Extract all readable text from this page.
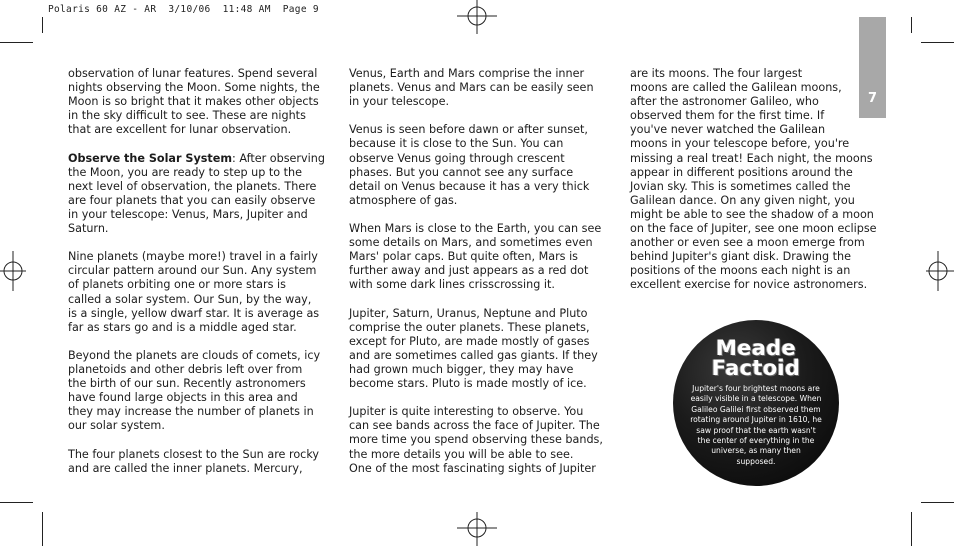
Polaris 60 AZ - AR  3/10/06  11:48 AM  Page 9
7

observation of lunar features. Spend several
nights observing the Moon. Some nights, the
Moon is so bright that it makes other objects
in the sky difficult to see. These are nights
that are excellent for lunar observation.

Observe the Solar System: After observing
the Moon, you are ready to step up to the
next level of observation, the planets. There
are four planets that you can easily observe
in your telescope: Venus, Mars, Jupiter and
Saturn.

Nine planets (maybe more!) travel in a fairly
circular pattern around our Sun. Any system
of planets orbiting one or more stars is
called a solar system. Our Sun, by the way,
is a single, yellow dwarf star. It is average as
far as stars go and is a middle aged star.

Beyond the planets are clouds of comets, icy
planetoids and other debris left over from
the birth of our sun. Recently astronomers
have found large objects in this area and
they may increase the number of planets in
our solar system.

The four planets closest to the Sun are rocky
and are called the inner planets. Mercury,

Venus, Earth and Mars comprise the inner
planets. Venus and Mars can be easily seen
in your telescope.

Venus is seen before dawn or after sunset,
because it is close to the Sun. You can
observe Venus going through crescent
phases. But you cannot see any surface
detail on Venus because it has a very thick
atmosphere of gas.

When Mars is close to the Earth, you can see
some details on Mars, and sometimes even
Mars' polar caps. But quite often, Mars is
further away and just appears as a red dot
with some dark lines crisscrossing it.

Jupiter, Saturn, Uranus, Neptune and Pluto
comprise the outer planets. These planets,
except for Pluto, are made mostly of gases
and are sometimes called gas giants. If they
had grown much bigger, they may have
become stars. Pluto is made mostly of ice.

Jupiter is quite interesting to observe. You
can see bands across the face of Jupiter. The
more time you spend observing these bands,
the more details you will be able to see.
One of the most fascinating sights of Jupiter

are its moons. The four largest
moons are called the Galilean moons,
after the astronomer Galileo, who
observed them for the first time. If
you've never watched the Galilean
moons in your telescope before, you're
missing a real treat! Each night, the moons
appear in different positions around the
Jovian sky. This is sometimes called the
Galilean dance. On any given night, you
might be able to see the shadow of a moon
on the face of Jupiter, see one moon eclipse
another or even see a moon emerge from
behind Jupiter's giant disk. Drawing the
positions of the moons each night is an
excellent exercise for novice astronomers.

Meade
Factoid
Jupiter's four brightest moons are
easily visible in a telescope. When
Galileo Galilei first observed them
rotating around Jupiter in 1610, he
saw proof that the earth wasn't
the center of everything in the
universe, as many then
supposed.
